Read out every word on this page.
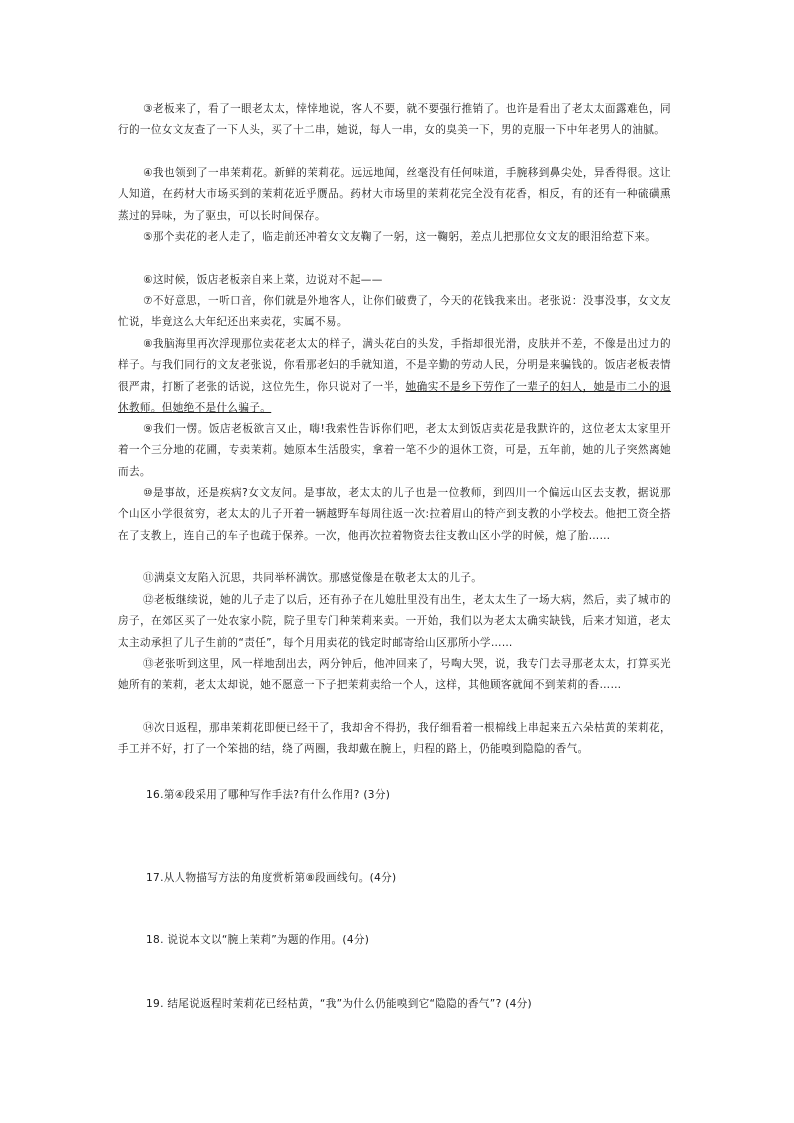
③老板来了，看了一眼老太太，悻悻地说，客人不要，就不要强行推销了。也许是看出了老太太面露难色，同行的一位女文友查了一下人头，买了十二串，她说，每人一串，女的臭美一下，男的克服一下中年老男人的油腻。

④我也领到了一串茉莉花。新鲜的茉莉花。远远地闻，丝毫没有任何味道，手腕移到鼻尖处，异香得很。这让人知道，在药材大市场买到的茉莉花近乎赝品。药材大市场里的茉莉花完全没有花香，相反，有的还有一种硫磺熏蒸过的异味，为了驱虫，可以长时间保存。

⑤那个卖花的老人走了，临走前还冲着女文友鞠了一躬，这一鞠躬，差点儿把那位女文友的眼泪给惹下来。

⑥这时候，饭店老板亲自来上菜，边说对不起——

⑦不好意思，一听口音，你们就是外地客人，让你们破费了，今天的花钱我来出。老张说：没事没事，女文友忙说，毕竟这么大年纪还出来卖花，实属不易。

⑧我脑海里再次浮现那位卖花老太太的样子，满头花白的头发，手指却很光滑，皮肤并不差，不像是出过力的样子。与我们同行的文友老张说，你看那老妇的手就知道，不是辛勤的劳动人民，分明是来骗钱的。饭店老板表情很严肃，打断了老张的话说，这位先生，你只说对了一半，她确实不是乡下劳作了一辈子的妇人，她是市二小的退休教师。但她绝不是什么骗子。

⑨我们一愣。饭店老板欲言又止，嗨!我索性告诉你们吧，老太太到饭店卖花是我默许的，这位老太太家里开着一个三分地的花圃，专卖茉莉。她原本生活殷实，拿着一笔不少的退休工资，可是，五年前，她的儿子突然离她而去。

⑩是事故，还是疾病?女文友问。是事故，老太太的儿子也是一位教师，到四川一个偏远山区去支教，据说那个山区小学很贫穷，老太太的儿子开着一辆越野车每周往返一次:拉着眉山的特产到支教的小学校去。他把工资全搭在了支教上，连自己的车子也疏于保养。一次，他再次拉着物资去往支教山区小学的时候，熄了胎……

⑪满桌文友陷入沉思，共同举杯满饮。那感觉像是在敬老太太的儿子。

⑫老板继续说，她的儿子走了以后，还有孙子在儿媳肚里没有出生，老太太生了一场大病，然后，卖了城市的房子，在郊区买了一处农家小院，院子里专门种茉莉来卖。一开始，我们以为老太太确实缺钱，后来才知道，老太太主动承担了儿子生前的“责任”，每个月用卖花的钱定时邮寄给山区那所小学……

⑬老张听到这里，风一样地刮出去，两分钟后，他冲回来了，号啕大哭，说，我专门去寻那老太太，打算买光她所有的茉莉，老太太却说，她不愿意一下子把茉莉卖给一个人，这样，其他顾客就闻不到茉莉的香……

⑭次日返程，那串茉莉花即便已经干了，我却舍不得扔，我仔细看着一根棉线上串起来五六朵枯黄的茉莉花，手工并不好，打了一个笨拙的结，绕了两圈，我却戴在腕上，归程的路上，仍能嗅到隐隐的香气。

16.第④段采用了哪种写作手法?有什么作用? (3分)

17.从人物描写方法的角度赏析第⑧段画线句。(4分)

18. 说说本文以“腕上茉莉”为题的作用。(4分)

19. 结尾说返程时茉莉花已经枯黄，“我”为什么仍能嗅到它“隐隐的香气”? (4分)
